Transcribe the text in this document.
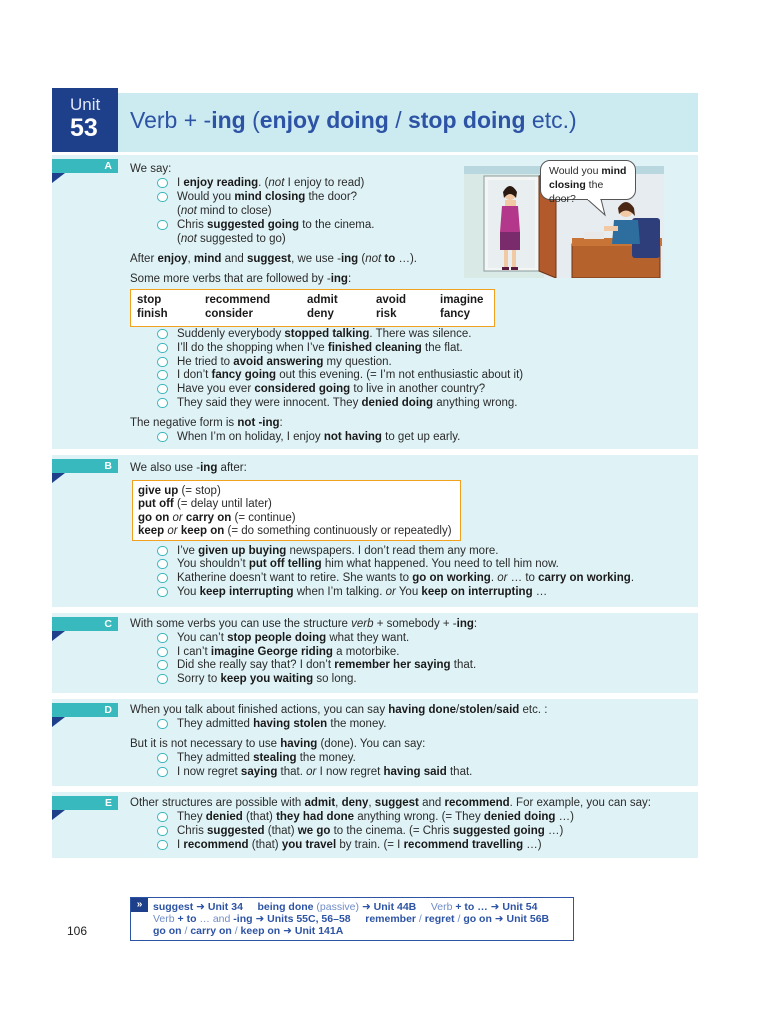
Unit
53 Verb + -ing (enjoy doing / stop doing etc.)
A	We say:
I enjoy reading. (not I enjoy to read)
Would you mind closing the door?
(not mind to close)
Chris suggested going to the cinema.
(not suggested to go)
After enjoy, mind and suggest, we use -ing (not to …).
Some more verbs that are followed by -ing:
stop	recommend	admit	avoid	imagine
finish	consider	deny	risk	fancy
Suddenly everybody stopped talking. There was silence.
I’ll do the shopping when I’ve finished cleaning the flat.
He tried to avoid answering my question.
I don’t fancy going out this evening. (= I’m not enthusiastic about it)
Have you ever considered going to live in another country?
They said they were innocent. They denied doing anything wrong.
The negative form is not -ing:
When I’m on holiday, I enjoy not having to get up early.
Would you mind
closing the door?
B	We also use -ing after:
give up (= stop)
put off (= delay until later)
go on or carry on (= continue)
keep or keep on (= do something continuously or repeatedly)
I’ve given up buying newspapers. I don’t read them any more.
You shouldn’t put off telling him what happened. You need to tell him now.
Katherine doesn’t want to retire. She wants to go on working. or … to carry on working.
You keep interrupting when I’m talking. or You keep on interrupting …
C	With some verbs you can use the structure verb + somebody + -ing:
You can’t stop people doing what they want.
I can’t imagine George riding a motorbike.
Did she really say that? I don’t remember her saying that.
Sorry to keep you waiting so long.
D	When you talk about finished actions, you can say having done/stolen/said etc. :
They admitted having stolen the money.
But it is not necessary to use having (done). You can say:
They admitted stealing the money.
I now regret saying that. or I now regret having said that.
E	Other structures are possible with admit, deny, suggest and recommend. For example, you can say:
They denied (that) they had done anything wrong. (= They denied doing …)
Chris suggested (that) we go to the cinema. (= Chris suggested going …)
I recommend (that) you travel by train. (= I recommend travelling …)
»	suggest ➜ Unit 34 being done (passive) ➜ Unit 44B Verb + to … ➜ Unit 54
Verb + to … and -ing ➜ Units 55C, 56–58 remember / regret / go on ➜ Unit 56B
go on / carry on / keep on ➜ Unit 141A
106
